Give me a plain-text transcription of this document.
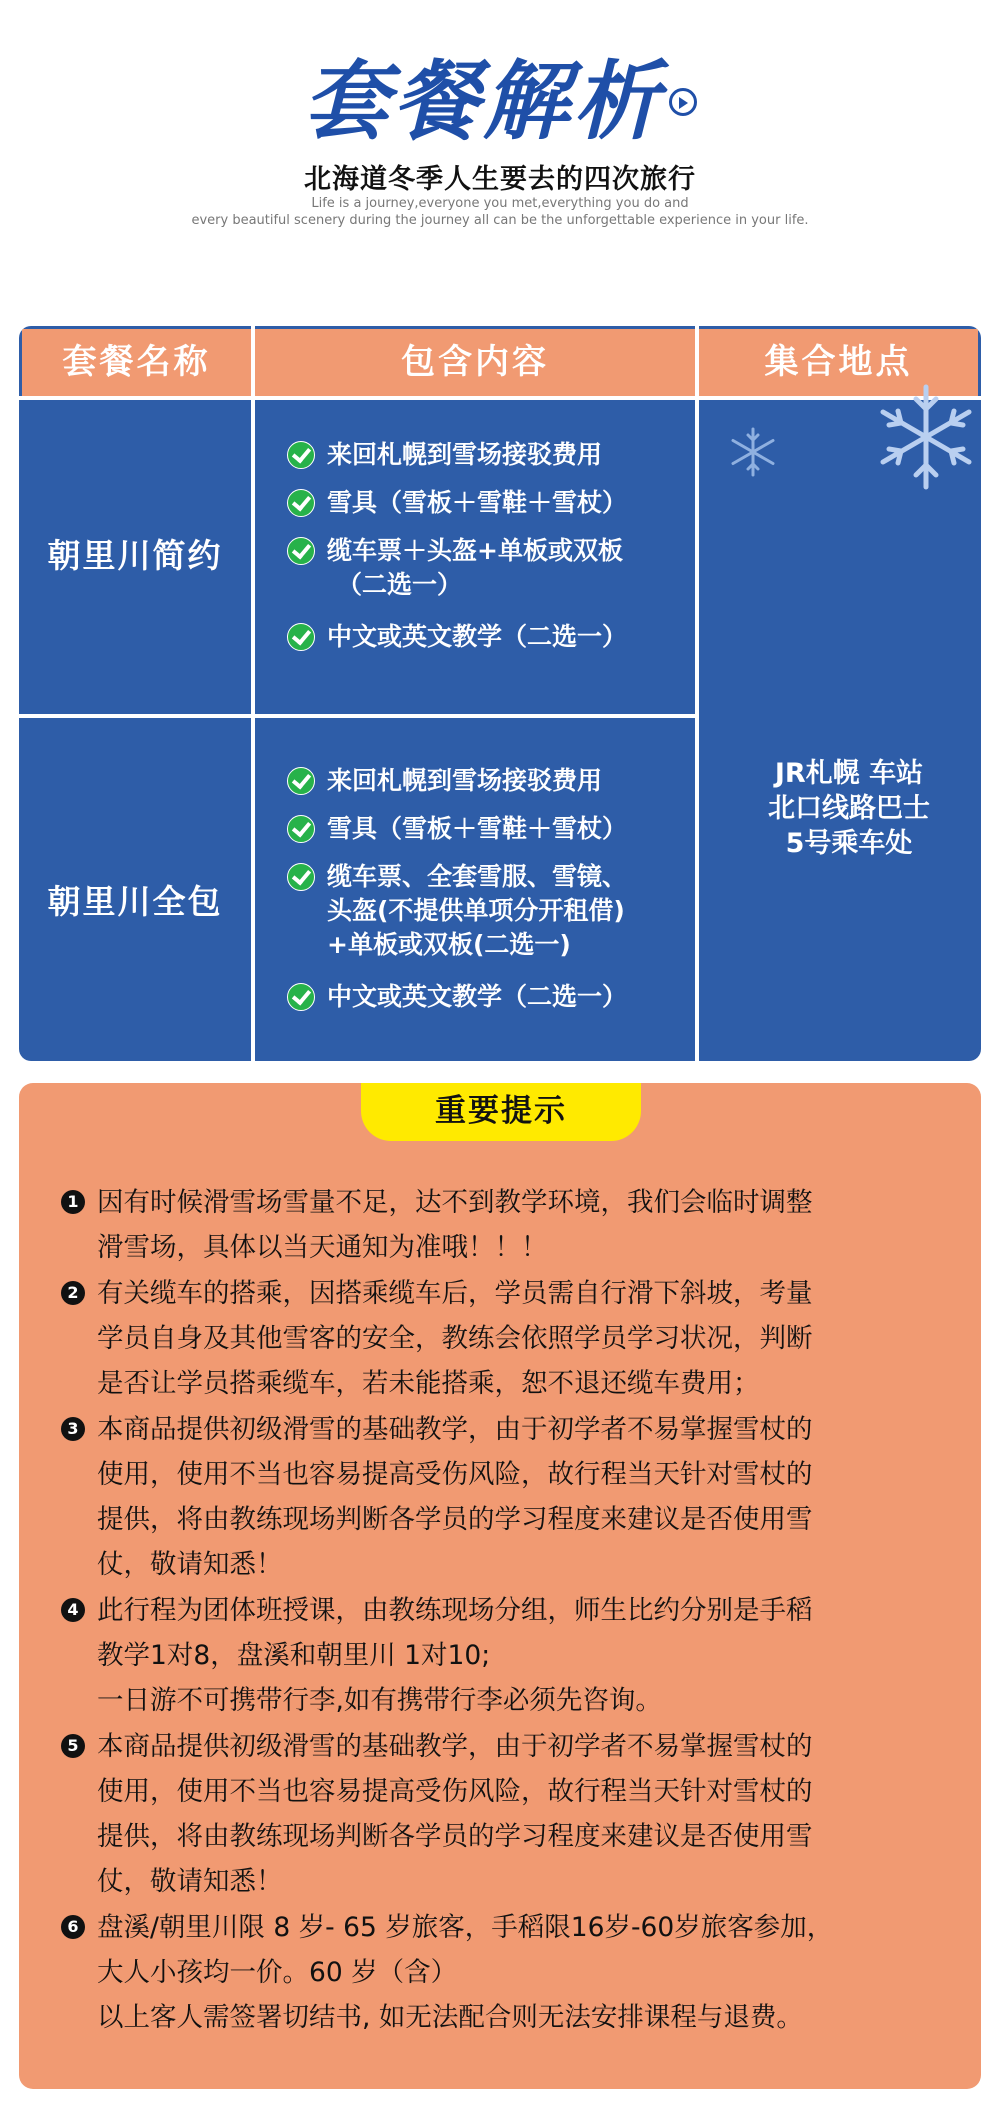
套餐解析
北海道冬季人生要去的四次旅行
Life is a journey,everyone you met,everything you do and
every beautiful scenery during the journey all can be the unforgettable experience in your life.
套餐名称	包含内容	集合地点
朝里川简约
来回札幌到雪场接驳费用
雪具（雪板＋雪鞋＋雪杖）
缆车票＋头盔+单板或双板
（二选一）
中文或英文教学（二选一）
朝里川全包
来回札幌到雪场接驳费用
雪具（雪板＋雪鞋＋雪杖）
缆车票、全套雪服、雪镜、
头盔(不提供单项分开租借)
+单板或双板(二选一)
中文或英文教学（二选一）
JR札幌 车站
北口线路巴士
5号乘车处
重要提示
1 因有时候滑雪场雪量不足，达不到教学环境，我们会临时调整
滑雪场，具体以当天通知为准哦！！！
2 有关缆车的搭乘，因搭乘缆车后，学员需自行滑下斜坡，考量
学员自身及其他雪客的安全，教练会依照学员学习状况，判断
是否让学员搭乘缆车，若未能搭乘，恕不退还缆车费用；
3 本商品提供初级滑雪的基础教学，由于初学者不易掌握雪杖的
使用，使用不当也容易提高受伤风险，故行程当天针对雪杖的
提供，将由教练现场判断各学员的学习程度来建议是否使用雪
仗，敬请知悉！
4 此行程为团体班授课，由教练现场分组，师生比约分别是手稻
教学1对8，盘溪和朝里川 1对10;
一日游不可携带行李,如有携带行李必须先咨询。
5 本商品提供初级滑雪的基础教学，由于初学者不易掌握雪杖的
使用，使用不当也容易提高受伤风险，故行程当天针对雪杖的
提供，将由教练现场判断各学员的学习程度来建议是否使用雪
仗，敬请知悉！
6 盘溪/朝里川限 8 岁- 65 岁旅客，手稻限16岁-60岁旅客参加，
大人小孩均一价。60 岁（含）
以上客人需签署切结书, 如无法配合则无法安排课程与退费。
